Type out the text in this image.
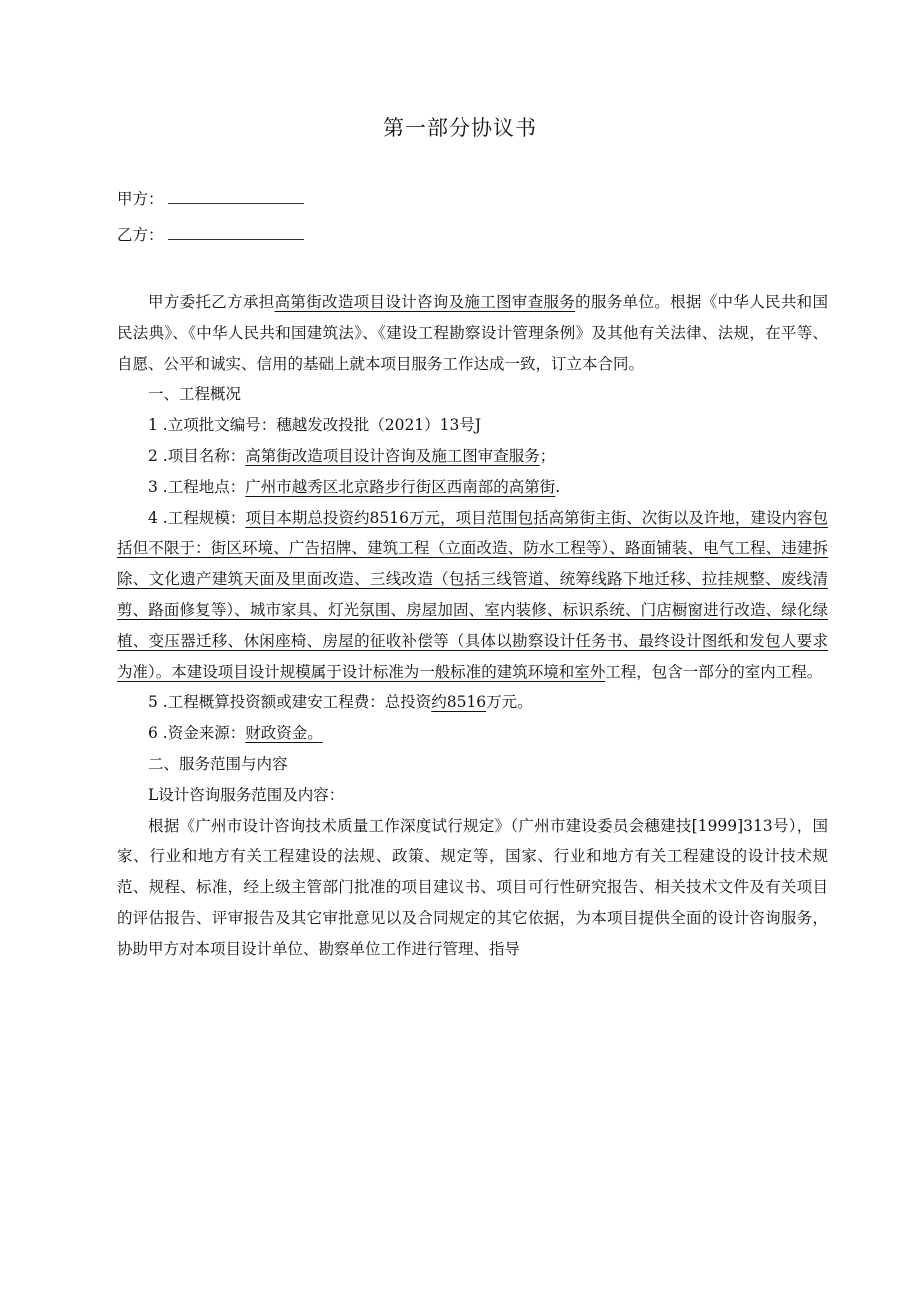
第一部分协议书
甲方：
乙方：

甲方委托乙方承担高第街改造项目设计咨询及施工图审查服务的服务单位。根据《中华人民共和国民法典》、《中华人民共和国建筑法》、《建设工程勘察设计管理条例》及其他有关法律、法规，在平等、自愿、公平和诚实、信用的基础上就本项目服务工作达成一致，订立本合同。

一、工程概况

1 .立项批文编号：穗越发改投批（2021）13号J

2 .项目名称：高第街改造项目设计咨询及施工图审查服务；

3 .工程地点：广州市越秀区北京路步行街区西南部的高第街.

4 .工程规模：项目本期总投资约8516万元，项目范围包括高第街主街、次街以及许地，建设内容包括但不限于：街区环境、广告招牌、建筑工程（立面改造、防水工程等）、路面铺装、电气工程、违建拆除、文化遗产建筑天面及里面改造、三线改造（包括三线管道、统筹线路下地迁移、拉挂规整、废线清剪、路面修复等）、城市家具、灯光氛围、房屋加固、室内装修、标识系统、门店橱窗进行改造、绿化绿植、变压器迁移、休闲座椅、房屋的征收补偿等（具体以勘察设计任务书、最终设计图纸和发包人要求为准）。本建设项目设计规模属于设计标准为一般标准的建筑环境和室外工程，包含一部分的室内工程。

5 .工程概算投资额或建安工程费：总投资约8516万元。

6 .资金来源：财政资金。

二、服务范围与内容

L设计咨询服务范围及内容：

根据《广州市设计咨询技术质量工作深度试行规定》（广州市建设委员会穗建技[1999]313号），国家、行业和地方有关工程建设的法规、政策、规定等，国家、行业和地方有关工程建设的设计技术规范、规程、标准，经上级主管部门批准的项目建议书、项目可行性研究报告、相关技术文件及有关项目的评估报告、评审报告及其它审批意见以及合同规定的其它依据，为本项目提供全面的设计咨询服务，协助甲方对本项目设计单位、勘察单位工作进行管理、指导
